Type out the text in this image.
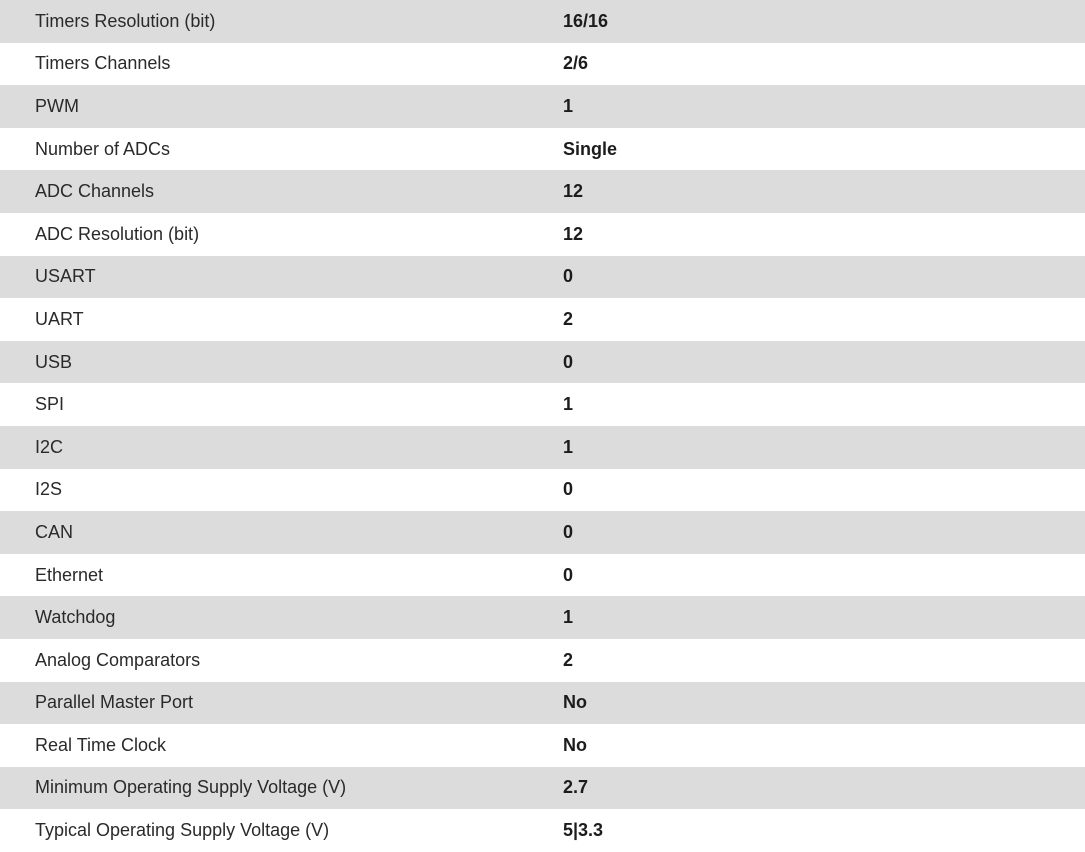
Timers Resolution (bit)	16/16
Timers Channels	2/6
PWM	1
Number of ADCs	Single
ADC Channels	12
ADC Resolution (bit)	12
USART	0
UART	2
USB	0
SPI	1
I2C	1
I2S	0
CAN	0
Ethernet	0
Watchdog	1
Analog Comparators	2
Parallel Master Port	No
Real Time Clock	No
Minimum Operating Supply Voltage (V)	2.7
Typical Operating Supply Voltage (V)	5|3.3
